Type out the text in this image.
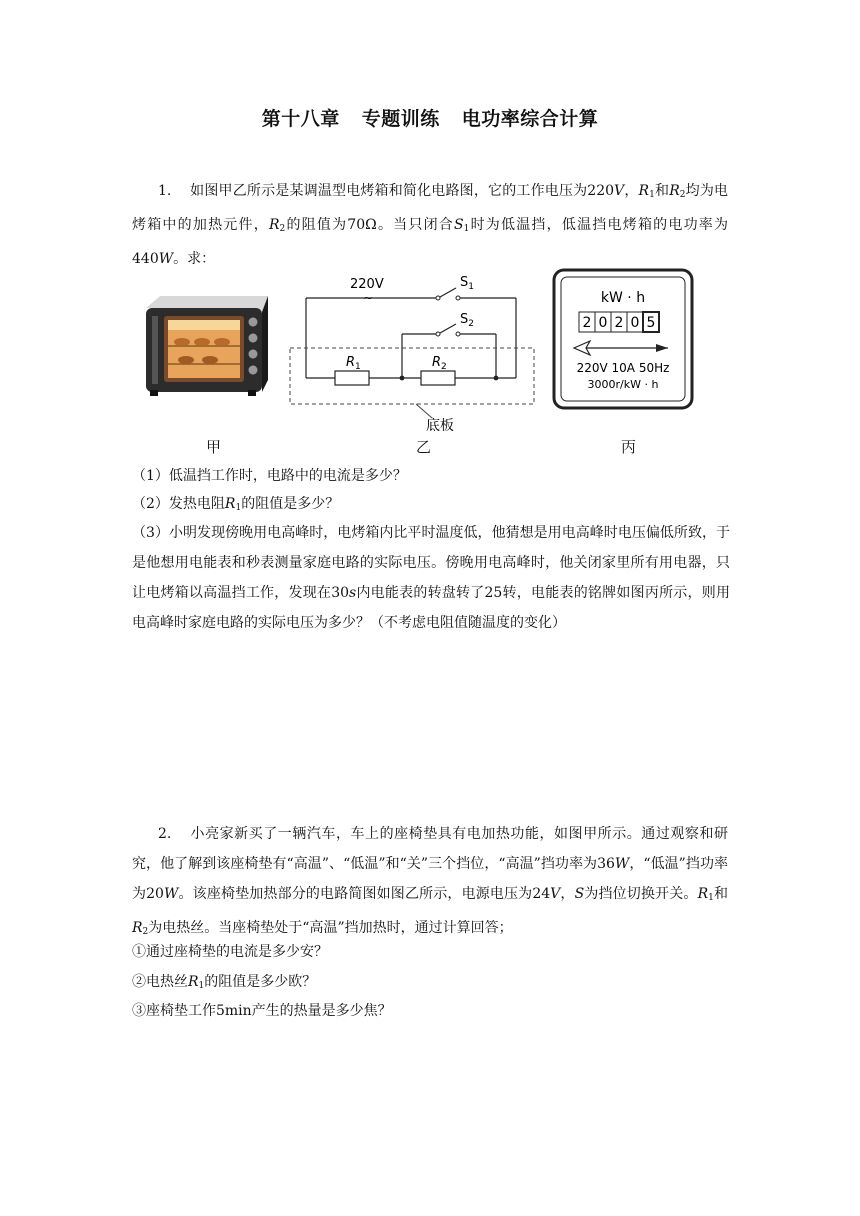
第十八章 专题训练 电功率综合计算
1. 如图甲乙所示是某调温型电烤箱和简化电路图，它的工作电压为220V，$R_1$和$R_2$均为电烤箱中的加热元件，$R_2$的阻值为70Ω。当只闭合$S_1$时为低温挡，低温挡电烤箱的电功率为440W。求：
220V
~
$S_1$
$S_2$
$R_1$	$R_2$
底板
kW · h
2 0 2 0 5
220V 10A 50Hz
3000r/kW · h
甲	乙	丙
（1）低温挡工作时，电路中的电流是多少？
（2）发热电阻$R_1$的阻值是多少？
（3）小明发现傍晚用电高峰时，电烤箱内比平时温度低，他猜想是用电高峰时电压偏低所致，于是他想用电能表和秒表测量家庭电路的实际电压。傍晚用电高峰时，他关闭家里所有用电器，只让电烤箱以高温挡工作，发现在30s内电能表的转盘转了25转，电能表的铭牌如图丙所示，则用电高峰时家庭电路的实际电压为多少？（不考虑电阻值随温度的变化）
2. 小亮家新买了一辆汽车，车上的座椅垫具有电加热功能，如图甲所示。通过观察和研究，他了解到该座椅垫有“高温”、“低温”和“关”三个挡位，“高温”挡功率为36W，“低温”挡功率为20W。该座椅垫加热部分的电路简图如图乙所示，电源电压为24V，S为挡位切换开关。$R_1$和$R_2$为电热丝。当座椅垫处于“高温”挡加热时，通过计算回答；
①通过座椅垫的电流是多少安？
②电热丝$R_1$的阻值是多少欧？
③座椅垫工作5min产生的热量是多少焦？
